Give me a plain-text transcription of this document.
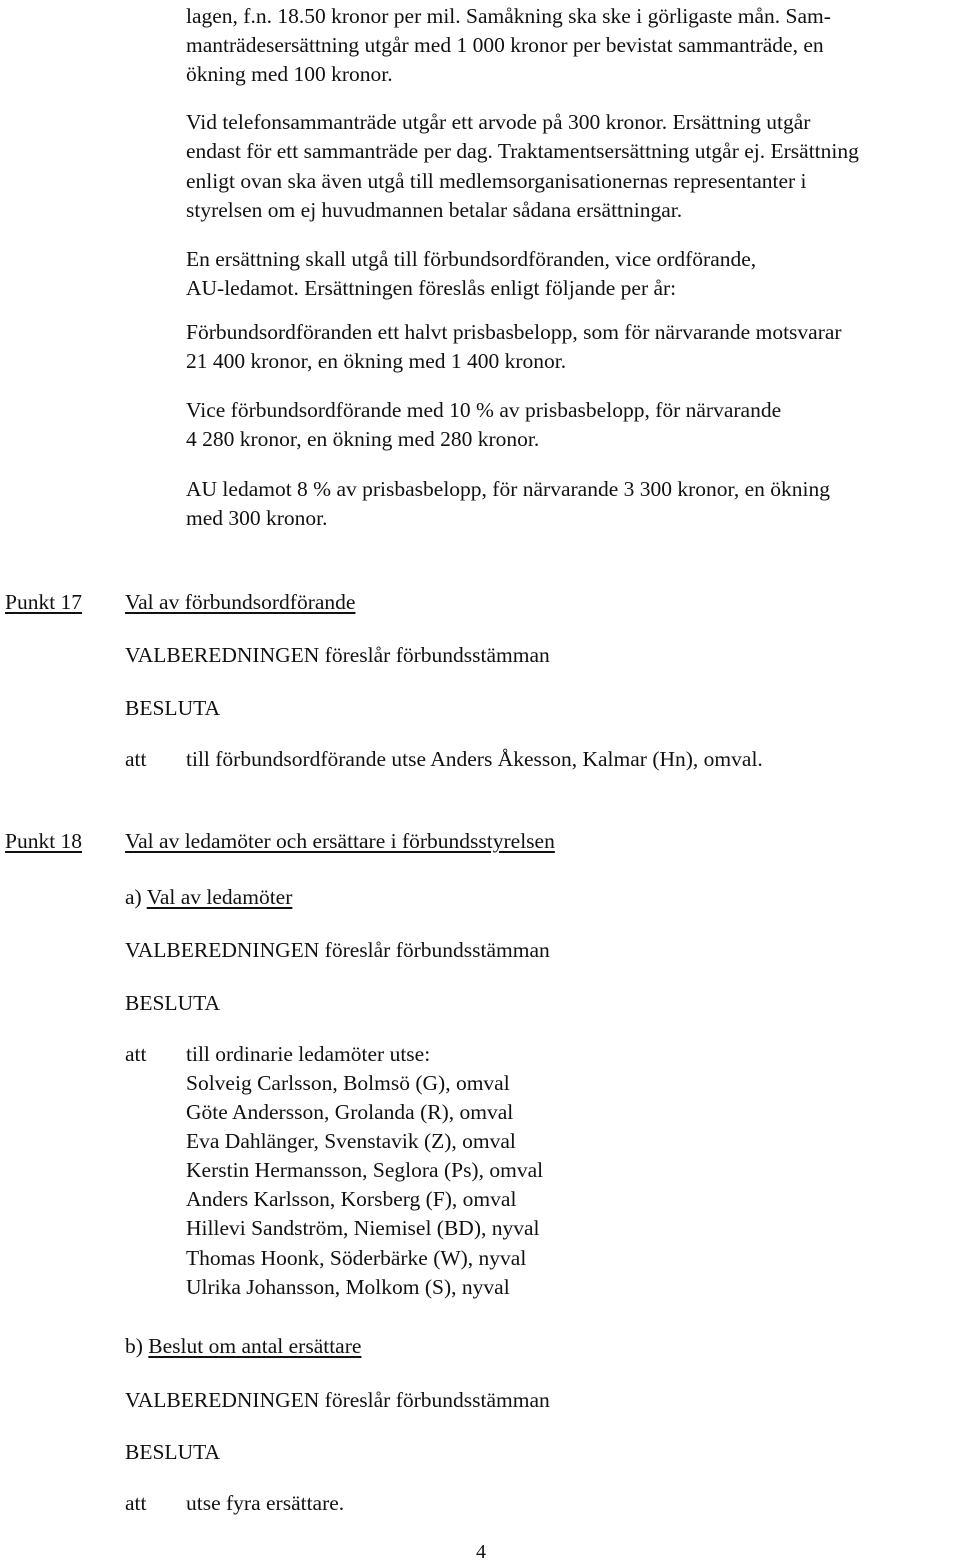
lagen, f.n. 18.50 kronor per mil. Samåkning ska ske i görligaste mån. Sam-
manträdesersättning utgår med 1 000 kronor per bevistat sammanträde, en
ökning med 100 kronor.
Vid telefonsammanträde utgår ett arvode på 300 kronor. Ersättning utgår
endast för ett sammanträde per dag. Traktamentsersättning utgår ej. Ersättning
enligt ovan ska även utgå till medlemsorganisationernas representanter i
styrelsen om ej huvudmannen betalar sådana ersättningar.
En ersättning skall utgå till förbundsordföranden, vice ordförande,
AU-ledamot. Ersättningen föreslås enligt följande per år:
Förbundsordföranden ett halvt prisbasbelopp, som för närvarande motsvarar
21 400 kronor, en ökning med 1 400 kronor.
Vice förbundsordförande med 10 % av prisbasbelopp, för närvarande
4 280 kronor, en ökning med 280 kronor.
AU ledamot 8 % av prisbasbelopp, för närvarande 3 300 kronor, en ökning
med 300 kronor.
Punkt 17 Val av förbundsordförande
VALBEREDNINGEN föreslår förbundsstämman
BESLUTA
att till förbundsordförande utse Anders Åkesson, Kalmar (Hn), omval.
Punkt 18 Val av ledamöter och ersättare i förbundsstyrelsen
a) Val av ledamöter
VALBEREDNINGEN föreslår förbundsstämman
BESLUTA
att till ordinarie ledamöter utse:
Solveig Carlsson, Bolmsö (G), omval
Göte Andersson, Grolanda (R), omval
Eva Dahlänger, Svenstavik (Z), omval
Kerstin Hermansson, Seglora (Ps), omval
Anders Karlsson, Korsberg (F), omval
Hillevi Sandström, Niemisel (BD), nyval
Thomas Hoonk, Söderbärke (W), nyval
Ulrika Johansson, Molkom (S), nyval
b) Beslut om antal ersättare
VALBEREDNINGEN föreslår förbundsstämman
BESLUTA
att utse fyra ersättare.
4
